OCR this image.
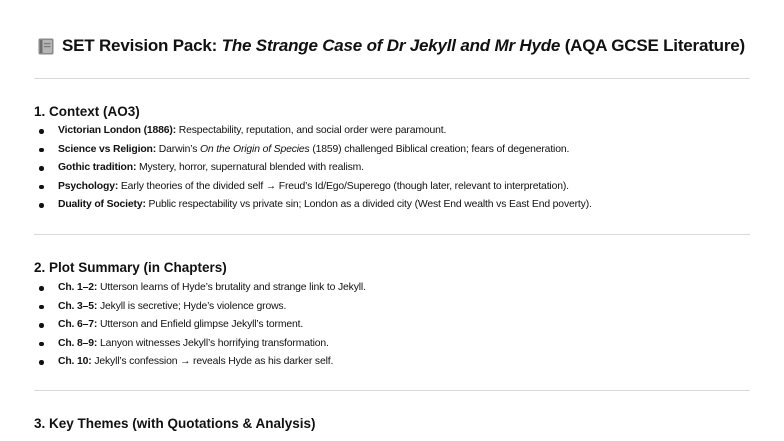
SET Revision Pack: The Strange Case of Dr Jekyll and Mr Hyde (AQA GCSE Literature)
1. Context (AO3)
Victorian London (1886): Respectability, reputation, and social order were paramount.
Science vs Religion: Darwin’s On the Origin of Species (1859) challenged Biblical creation; fears of degeneration.
Gothic tradition: Mystery, horror, supernatural blended with realism.
Psychology: Early theories of the divided self → Freud’s Id/Ego/Superego (though later, relevant to interpretation).
Duality of Society: Public respectability vs private sin; London as a divided city (West End wealth vs East End poverty).
2. Plot Summary (in Chapters)
Ch. 1–2: Utterson learns of Hyde’s brutality and strange link to Jekyll.
Ch. 3–5: Jekyll is secretive; Hyde’s violence grows.
Ch. 6–7: Utterson and Enfield glimpse Jekyll’s torment.
Ch. 8–9: Lanyon witnesses Jekyll’s horrifying transformation.
Ch. 10: Jekyll’s confession → reveals Hyde as his darker self.
3. Key Themes (with Quotations & Analysis)
